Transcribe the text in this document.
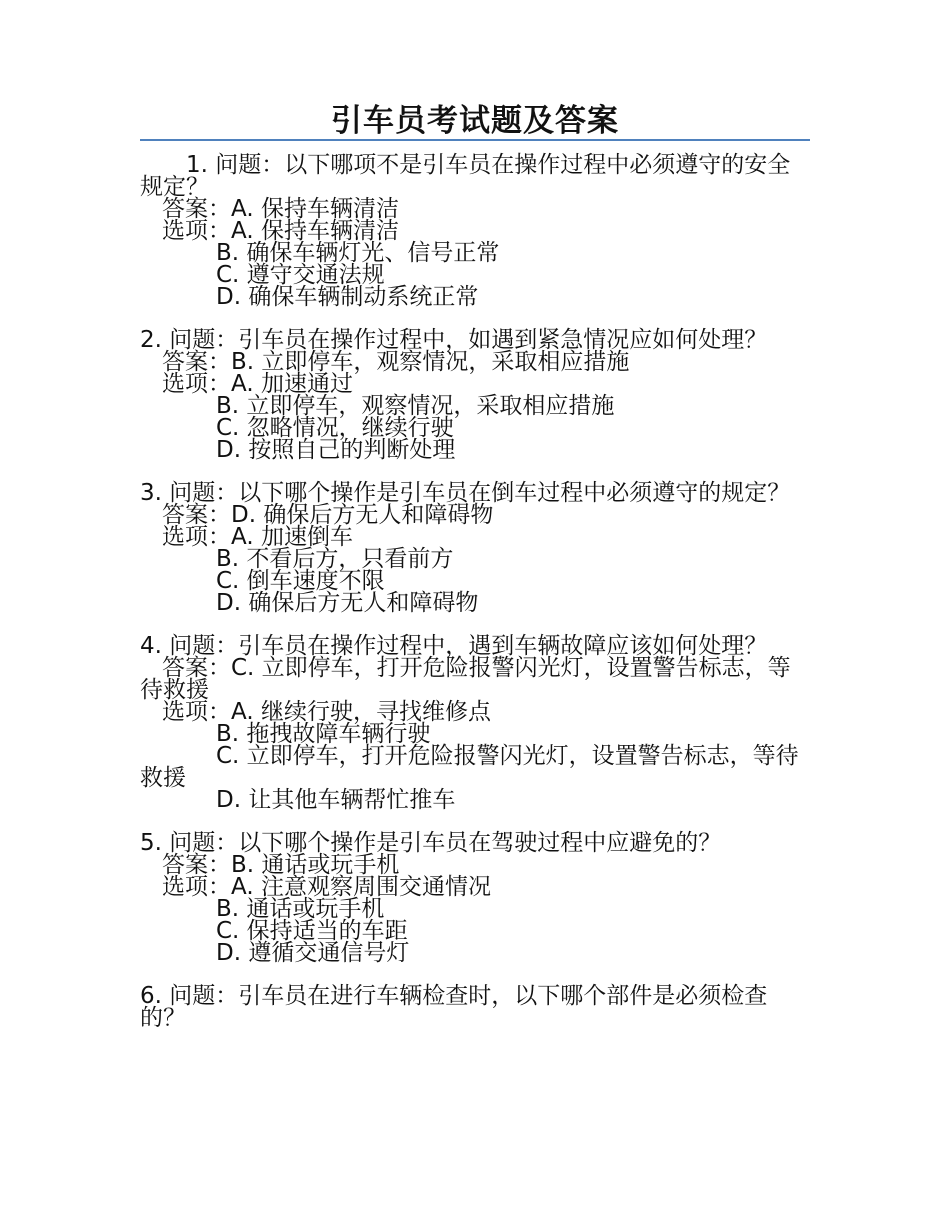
引车员考试题及答案

1. 问题：以下哪项不是引车员在操作过程中必须遵守的安全规定？

答案：A. 保持车辆清洁

选项：A. 保持车辆清洁

B. 确保车辆灯光、信号正常

C. 遵守交通法规

D. 确保车辆制动系统正常

2. 问题：引车员在操作过程中，如遇到紧急情况应如何处理？

答案：B. 立即停车，观察情况，采取相应措施

选项：A. 加速通过

B. 立即停车，观察情况，采取相应措施

C. 忽略情况，继续行驶

D. 按照自己的判断处理

3. 问题：以下哪个操作是引车员在倒车过程中必须遵守的规定？

答案：D. 确保后方无人和障碍物

选项：A. 加速倒车

B. 不看后方，只看前方

C. 倒车速度不限

D. 确保后方无人和障碍物

4. 问题：引车员在操作过程中，遇到车辆故障应该如何处理？

答案：C. 立即停车，打开危险报警闪光灯，设置警告标志，等待救援

选项：A. 继续行驶，寻找维修点

B. 拖拽故障车辆行驶

C. 立即停车，打开危险报警闪光灯，设置警告标志，等待救援

D. 让其他车辆帮忙推车

5. 问题：以下哪个操作是引车员在驾驶过程中应避免的？

答案：B. 通话或玩手机

选项：A. 注意观察周围交通情况

B. 通话或玩手机

C. 保持适当的车距

D. 遵循交通信号灯

6. 问题：引车员在进行车辆检查时，以下哪个部件是必须检查的？
